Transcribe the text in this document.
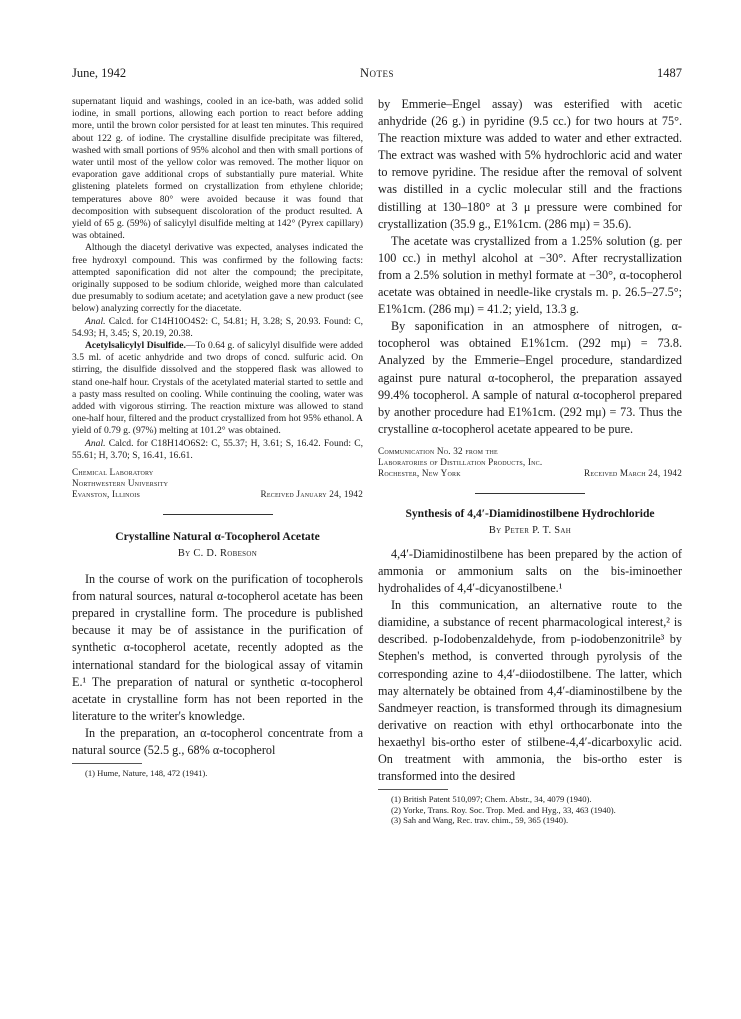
June, 1942	Notes	1487

supernatant liquid and washings, cooled in an ice-bath, was added solid iodine, in small portions, allowing each portion to react before adding more, until the brown color persisted for at least ten minutes. This required about 122 g. of iodine. The crystalline disulfide precipitate was filtered, washed with small portions of 95% alcohol and then with small portions of water until most of the yellow color was removed. The mother liquor on evaporation gave additional crops of substantially pure material. White glistening platelets formed on crystallization from ethylene chloride; temperatures above 80° were avoided because it was found that decomposition with subsequent discoloration of the product resulted. A yield of 65 g. (59%) of salicylyl disulfide melting at 142° (Pyrex capillary) was obtained.

Although the diacetyl derivative was expected, analyses indicated the free hydroxyl compound. This was confirmed by the following facts: attempted saponification did not alter the compound; the precipitate, originally supposed to be sodium chloride, weighed more than calculated due presumably to sodium acetate; and acetylation gave a new product (see below) analyzing correctly for the diacetate.

Anal. Calcd. for C14H10O4S2: C, 54.81; H, 3.28; S, 20.93. Found: C, 54.93; H, 3.45; S, 20.19, 20.38.

Acetylsalicylyl Disulfide.—To 0.64 g. of salicylyl disulfide were added 3.5 ml. of acetic anhydride and two drops of concd. sulfuric acid. On stirring, the disulfide dissolved and the stoppered flask was allowed to stand one-half hour. Crystals of the acetylated material started to settle and a pasty mass resulted on cooling. While continuing the cooling, water was added with vigorous stirring. The reaction mixture was allowed to stand one-half hour, filtered and the product crystallized from hot 95% ethanol. A yield of 0.79 g. (97%) melting at 101.2° was obtained.

Anal. Calcd. for C18H14O6S2: C, 55.37; H, 3.61; S, 16.42. Found: C, 55.61; H, 3.70; S, 16.41, 16.61.

Chemical Laboratory
Northwestern University
Evanston, Illinois	Received January 24, 1942
Crystalline Natural α-Tocopherol Acetate
By C. D. Robeson

In the course of work on the purification of tocopherols from natural sources, natural α-tocopherol acetate has been prepared in crystalline form. The procedure is published because it may be of assistance in the purification of synthetic α-tocopherol acetate, recently adopted as the international standard for the biological assay of vitamin E.¹ The preparation of natural or synthetic α-tocopherol acetate in crystalline form has not been reported in the literature to the writer's knowledge.

In the preparation, an α-tocopherol concentrate from a natural source (52.5 g., 68% α-tocopherol

(1) Hume, Nature, 148, 472 (1941).

by Emmerie–Engel assay) was esterified with acetic anhydride (26 g.) in pyridine (9.5 cc.) for two hours at 75°. The reaction mixture was added to water and ether extracted. The extract was washed with 5% hydrochloric acid and water to remove pyridine. The residue after the removal of solvent was distilled in a cyclic molecular still and the fractions distilling at 130–180° at 3 μ pressure were combined for crystallization (35.9 g., E1%1cm. (286 mμ) = 35.6).

The acetate was crystallized from a 1.25% solution (g. per 100 cc.) in methyl alcohol at −30°. After recrystallization from a 2.5% solution in methyl formate at −30°, α-tocopherol acetate was obtained in needle-like crystals m. p. 26.5–27.5°; E1%1cm. (286 mμ) = 41.2; yield, 13.3 g.

By saponification in an atmosphere of nitrogen, α-tocopherol was obtained E1%1cm. (292 mμ) = 73.8. Analyzed by the Emmerie–Engel procedure, standardized against pure natural α-tocopherol, the preparation assayed 99.4% tocopherol. A sample of natural α-tocopherol prepared by another procedure had E1%1cm. (292 mμ) = 73. Thus the crystalline α-tocopherol acetate appeared to be pure.

Communication No. 32 from the
Laboratories of Distillation Products, Inc.
Rochester, New York	Received March 24, 1942
Synthesis of 4,4′-Diamidinostilbene Hydrochloride
By Peter P. T. Sah

4,4′-Diamidinostilbene has been prepared by the action of ammonia or ammonium salts on the bis-iminoether hydrohalides of 4,4′-dicyanostilbene.¹

In this communication, an alternative route to the diamidine, a substance of recent pharmacological interest,² is described. p-Iodobenzaldehyde, from p-iodobenzonitrile³ by Stephen's method, is converted through pyrolysis of the corresponding azine to 4,4′-diiodostilbene. The latter, which may alternately be obtained from 4,4′-diaminostilbene by the Sandmeyer reaction, is transformed through its dimagnesium derivative on reaction with ethyl orthocarbonate into the hexaethyl bis-ortho ester of stilbene-4,4′-dicarboxylic acid. On treatment with ammonia, the bis-ortho ester is transformed into the desired

(1) British Patent 510,097; Chem. Abstr., 34, 4079 (1940).

(2) Yorke, Trans. Roy. Soc. Trop. Med. and Hyg., 33, 463 (1940).

(3) Sah and Wang, Rec. trav. chim., 59, 365 (1940).
